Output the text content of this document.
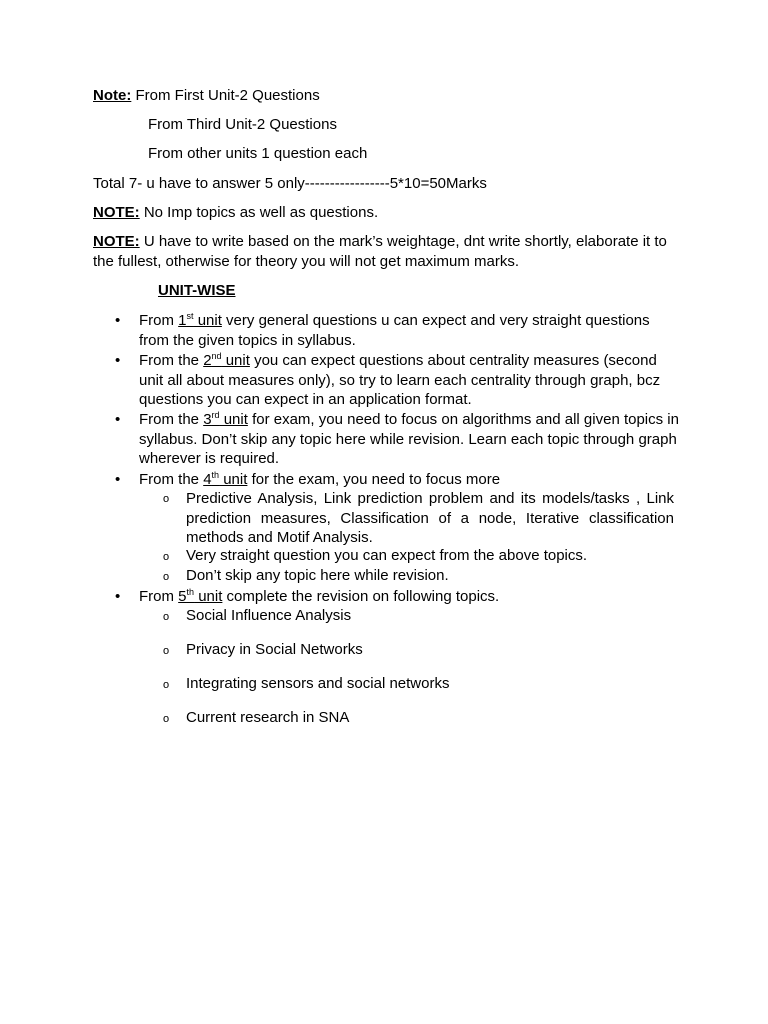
Note: From First Unit-2 Questions
From Third Unit-2 Questions
From other units 1 question each
Total 7- u have to answer 5 only-----------------5*10=50Marks
NOTE: No Imp topics as well as questions.
NOTE: U have to write based on the mark’s weightage, dnt write shortly, elaborate it to the fullest, otherwise for theory you will not get maximum marks.
UNIT-WISE
• From 1st unit very general questions u can expect and very straight questions from the given topics in syllabus.
• From the 2nd unit you can expect questions about centrality measures (second unit all about measures only), so try to learn each centrality through graph, bcz questions you can expect in an application format.
• From the 3rd unit for exam, you need to focus on algorithms and all given topics in syllabus. Don’t skip any topic here while revision. Learn each topic through graph wherever is required.
• From the 4th unit for the exam, you need to focus more
o Predictive Analysis, Link prediction problem and its models/tasks , Link prediction measures, Classification of a node, Iterative classification methods and Motif Analysis.
o Very straight question you can expect from the above topics.
o Don’t skip any topic here while revision.
• From 5th unit complete the revision on following topics.
o Social Influence Analysis
o Privacy in Social Networks
o Integrating sensors and social networks
o Current research in SNA
